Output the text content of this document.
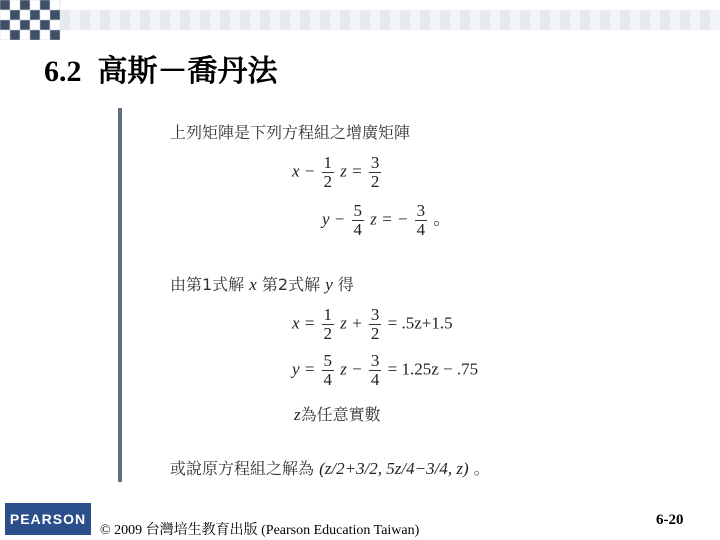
6.2 高斯－喬丹法
上列矩陣是下列方程組之增廣矩陣
$x - \frac{1}{2}$ $z = \frac{3}{2}$
$y - \frac{5}{4}$ z = − $\frac{3}{4}$ 。
由第1式解 x 第2式解 y 得
$x = \frac{1}{2}$ $z + \frac{3}{2} = .5z+1.5$
$y = \frac{5}{4}$ $z - \frac{3}{4} = 1.25z - .75$
z為任意實數
或說原方程組之解為 (z/2+3/2, 5z/4−3/4, z) 。
PEARSON
© 2009 台灣培生教育出版 (Pearson Education Taiwan)
6-20
